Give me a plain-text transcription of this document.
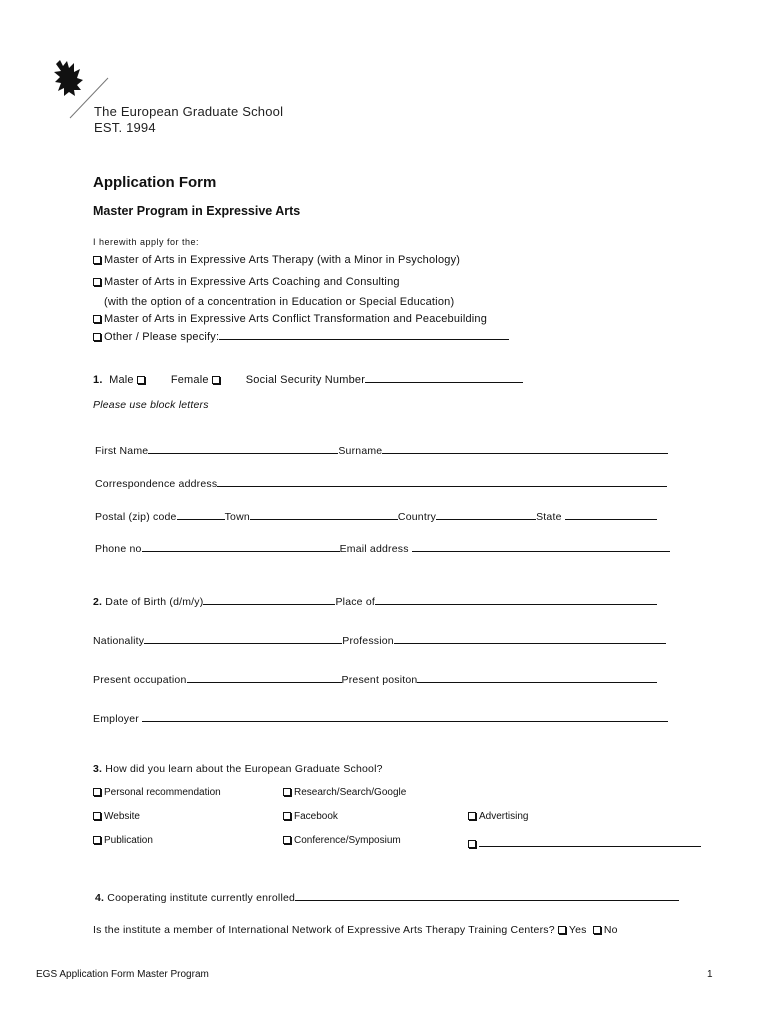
The European Graduate School
EST. 1994
Application Form
Master Program in Expressive Arts
I herewith apply for the:
Master of Arts in Expressive Arts Therapy (with a Minor in Psychology)
Master of Arts in Expressive Arts Coaching and Consulting
(with the option of a concentration in Education or Special Education)
Master of Arts in Expressive Arts Conflict Transformation and Peacebuilding
Other / Please specify:
1. Male	Female	Social Security Number
Please use block letters
First Name	Surname
Correspondence address
Postal (zip) code	Town	Country	State
Phone no	Email address
2. Date of Birth (d/m/y)	Place of
Nationality	Profession
Present occupation	Present positon
Employer
3. How did you learn about the European Graduate School?
Personal recommendation	Research/Search/Google
Website	Facebook	Advertising
Publication	Conference/Symposium
4. Cooperating institute currently enrolled
Is the institute a member of International Network of Expressive Arts Therapy Training Centers? Yes No
EGS Application Form Master Program	1
